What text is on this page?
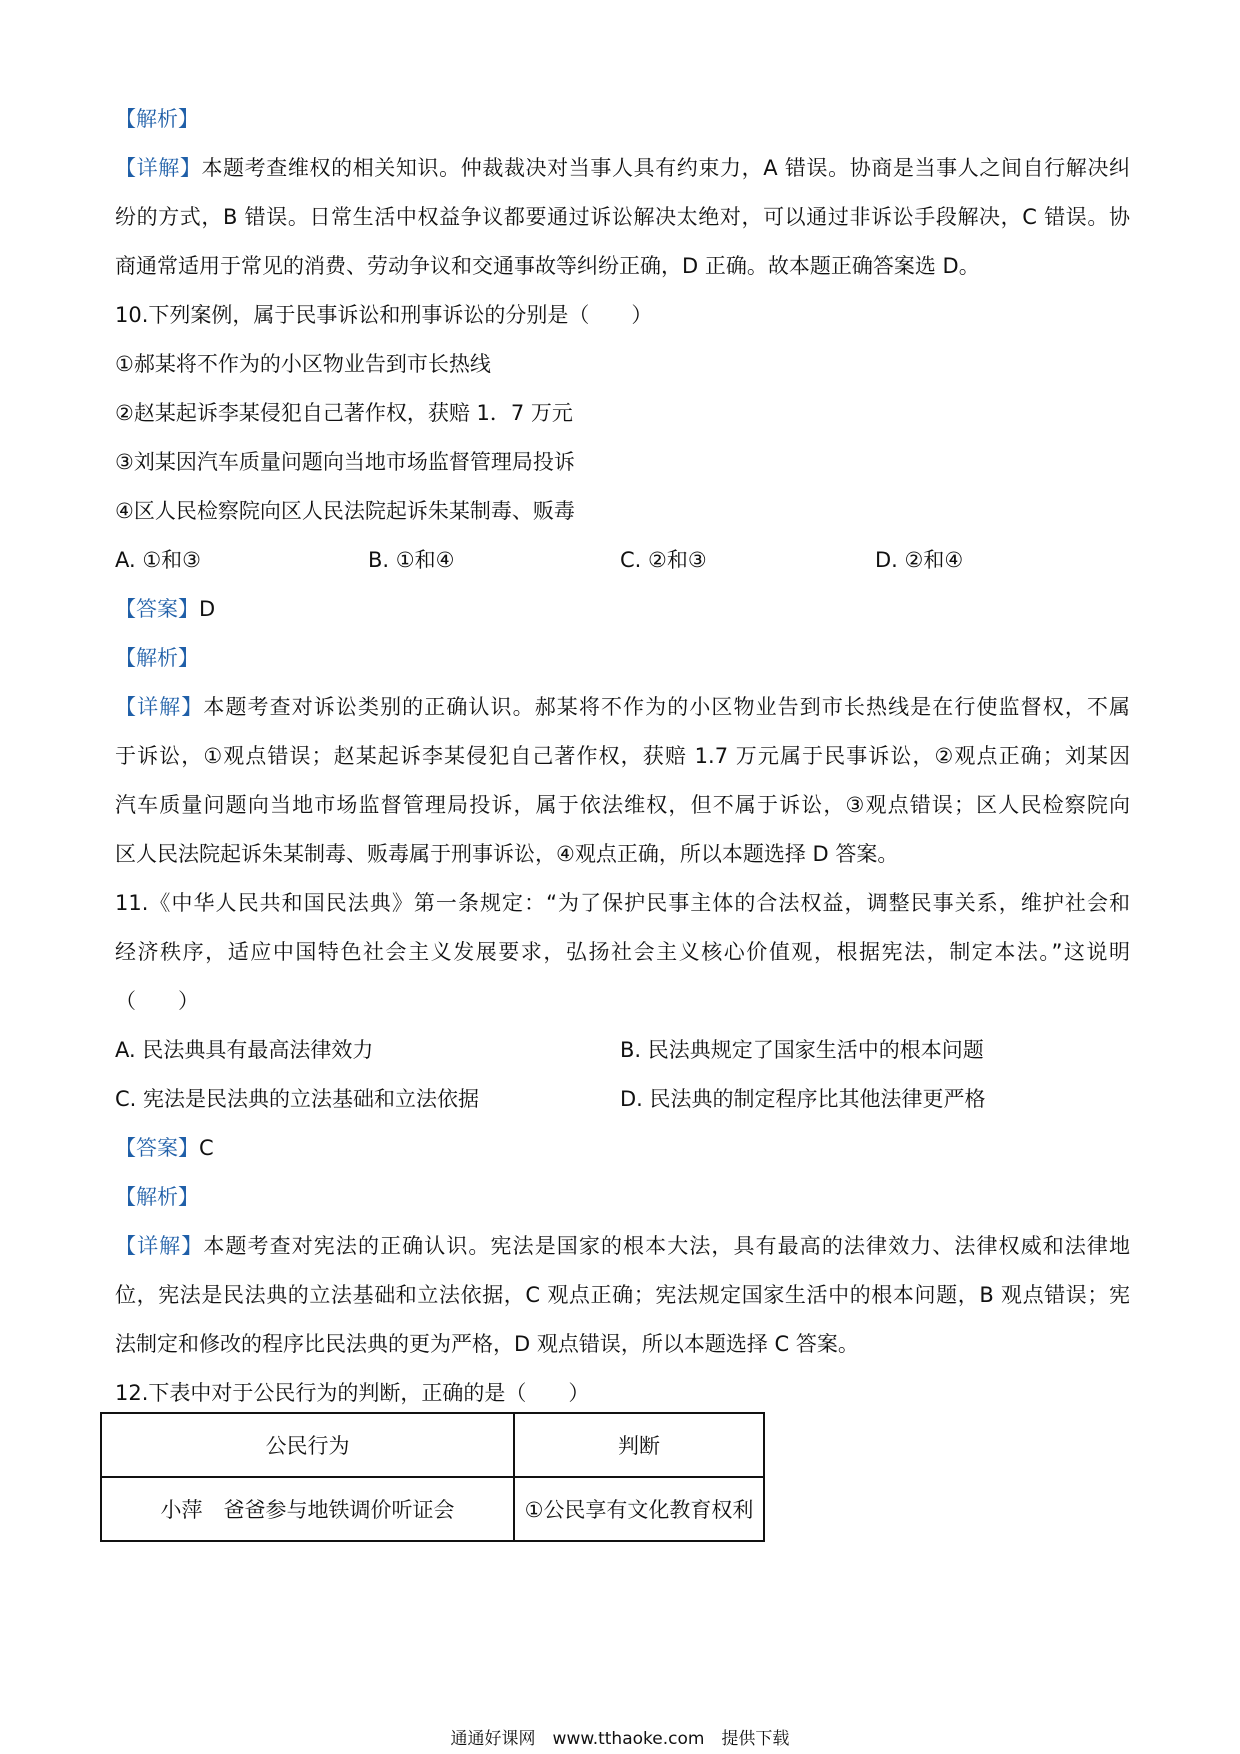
【解析】
【详解】本题考查维权的相关知识。仲裁裁决对当事人具有约束力，A 错误。协商是当事人之间自行解决纠
纷的方式，B 错误。日常生活中权益争议都要通过诉讼解决太绝对，可以通过非诉讼手段解决，C 错误。协
商通常适用于常见的消费、劳动争议和交通事故等纠纷正确，D 正确。故本题正确答案选 D。
10.下列案例，属于民事诉讼和刑事诉讼的分别是（　　）
①郝某将不作为的小区物业告到市长热线
②赵某起诉李某侵犯自己著作权，获赔 1．7 万元
③刘某因汽车质量问题向当地市场监督管理局投诉
④区人民检察院向区人民法院起诉朱某制毒、贩毒
A. ①和③	B. ①和④	C. ②和③	D. ②和④
【答案】D
【解析】
【详解】本题考查对诉讼类别的正确认识。郝某将不作为的小区物业告到市长热线是在行使监督权，不属
于诉讼，①观点错误；赵某起诉李某侵犯自己著作权，获赔 1.7 万元属于民事诉讼，②观点正确；刘某因
汽车质量问题向当地市场监督管理局投诉，属于依法维权，但不属于诉讼，③观点错误；区人民检察院向
区人民法院起诉朱某制毒、贩毒属于刑事诉讼，④观点正确，所以本题选择 D 答案。
11.《中华人民共和国民法典》第一条规定：“为了保护民事主体的合法权益，调整民事关系，维护社会和
经济秩序，适应中国特色社会主义发展要求，弘扬社会主义核心价值观，根据宪法，制定本法。”这说明
（　　）
A. 民法典具有最高法律效力	B. 民法典规定了国家生活中的根本问题
C. 宪法是民法典的立法基础和立法依据	D. 民法典的制定程序比其他法律更严格
【答案】C
【解析】
【详解】本题考查对宪法的正确认识。宪法是国家的根本大法，具有最高的法律效力、法律权威和法律地
位，宪法是民法典的立法基础和立法依据，C 观点正确；宪法规定国家生活中的根本问题，B 观点错误；宪
法制定和修改的程序比民法典的更为严格，D 观点错误，所以本题选择 C 答案。
12.下表中对于公民行为的判断，正确的是（　　）
公民行为	判断
小萍　爸爸参与地铁调价听证会	①公民享有文化教育权利
通通好课网　www.tthaoke.com　提供下载
